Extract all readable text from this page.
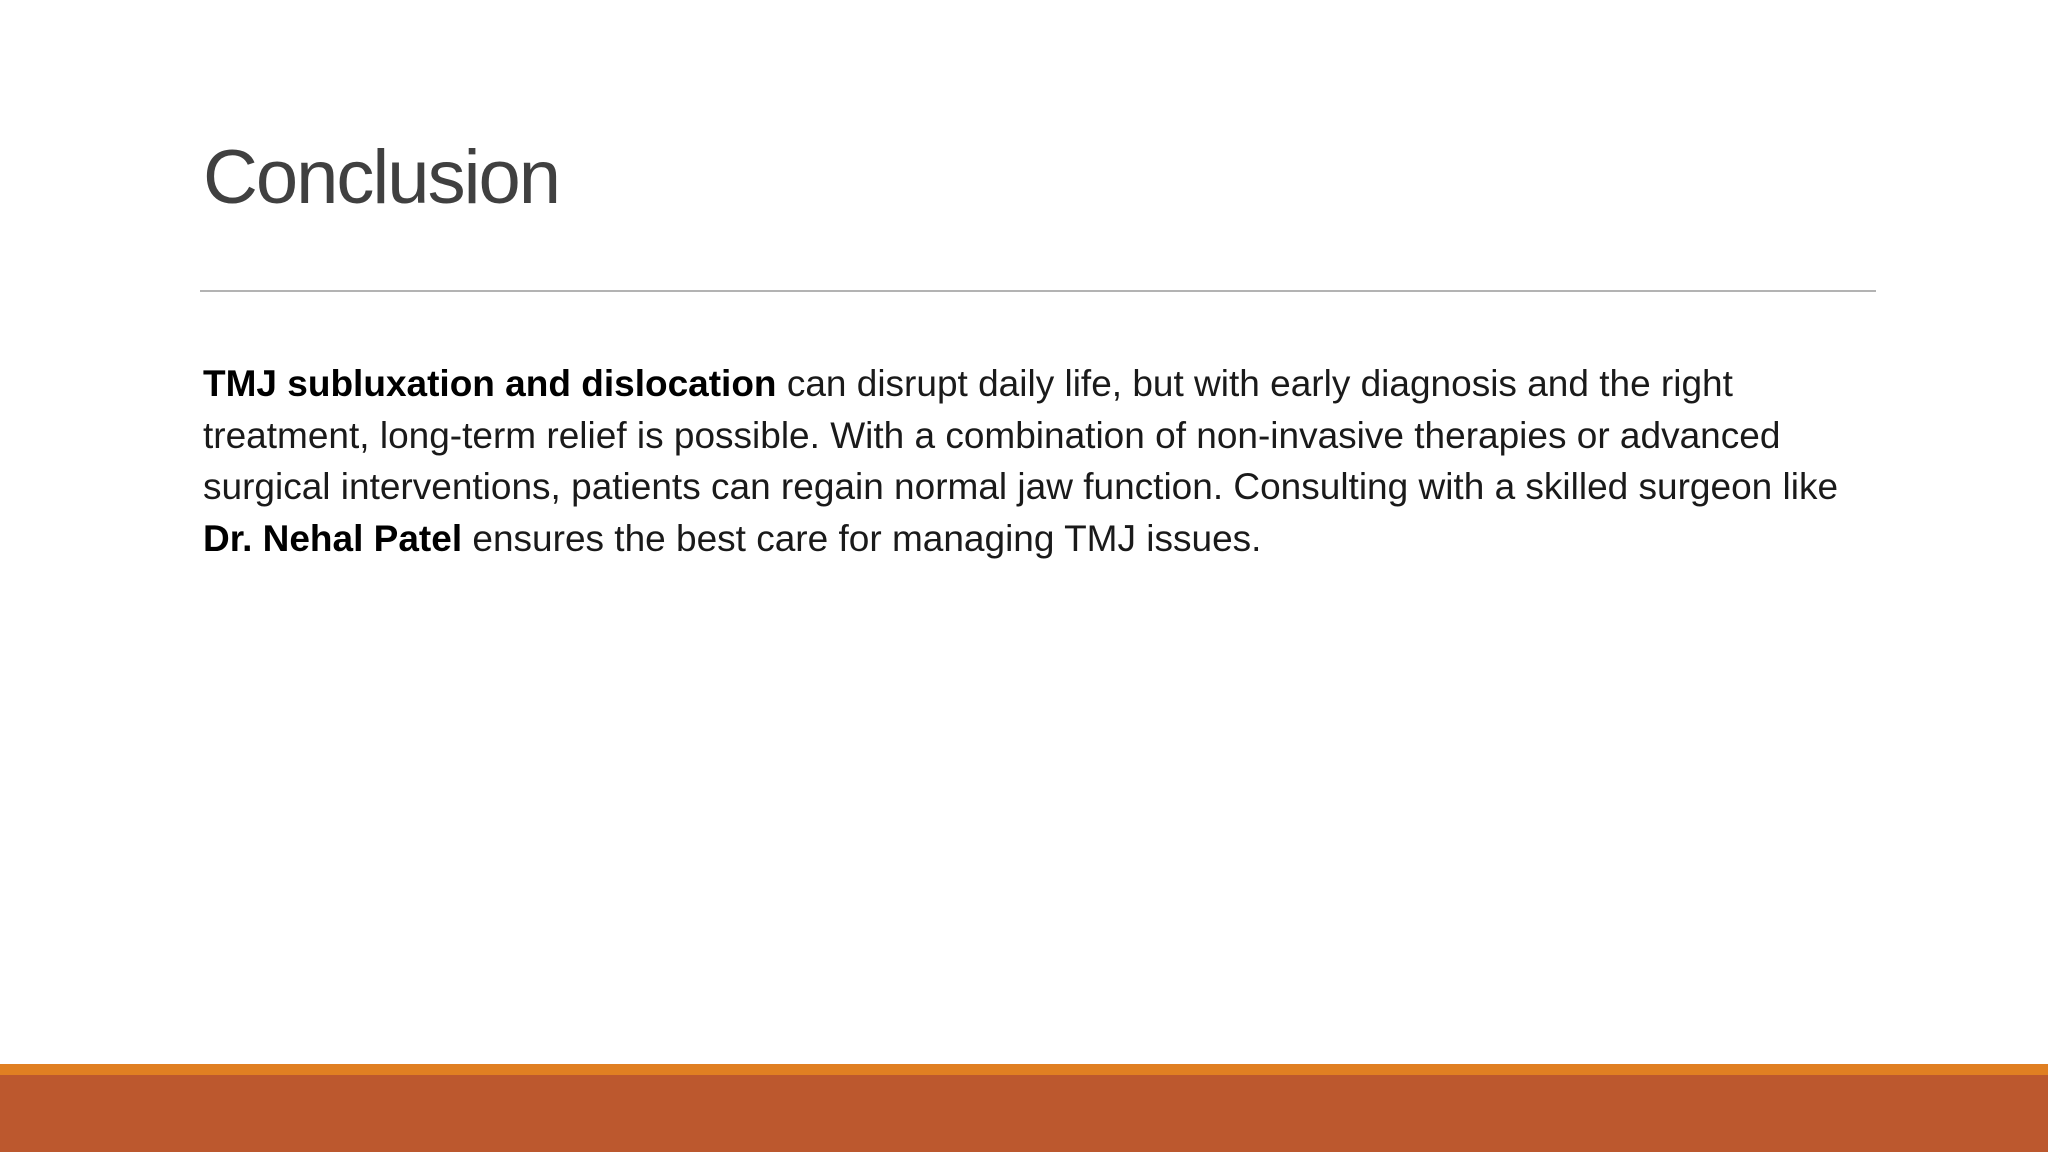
Conclusion

TMJ subluxation and dislocation can disrupt daily life, but with early diagnosis and the right treatment, long-term relief is possible. With a combination of non-invasive therapies or advanced surgical interventions, patients can regain normal jaw function. Consulting with a skilled surgeon like Dr. Nehal Patel ensures the best care for managing TMJ issues.
